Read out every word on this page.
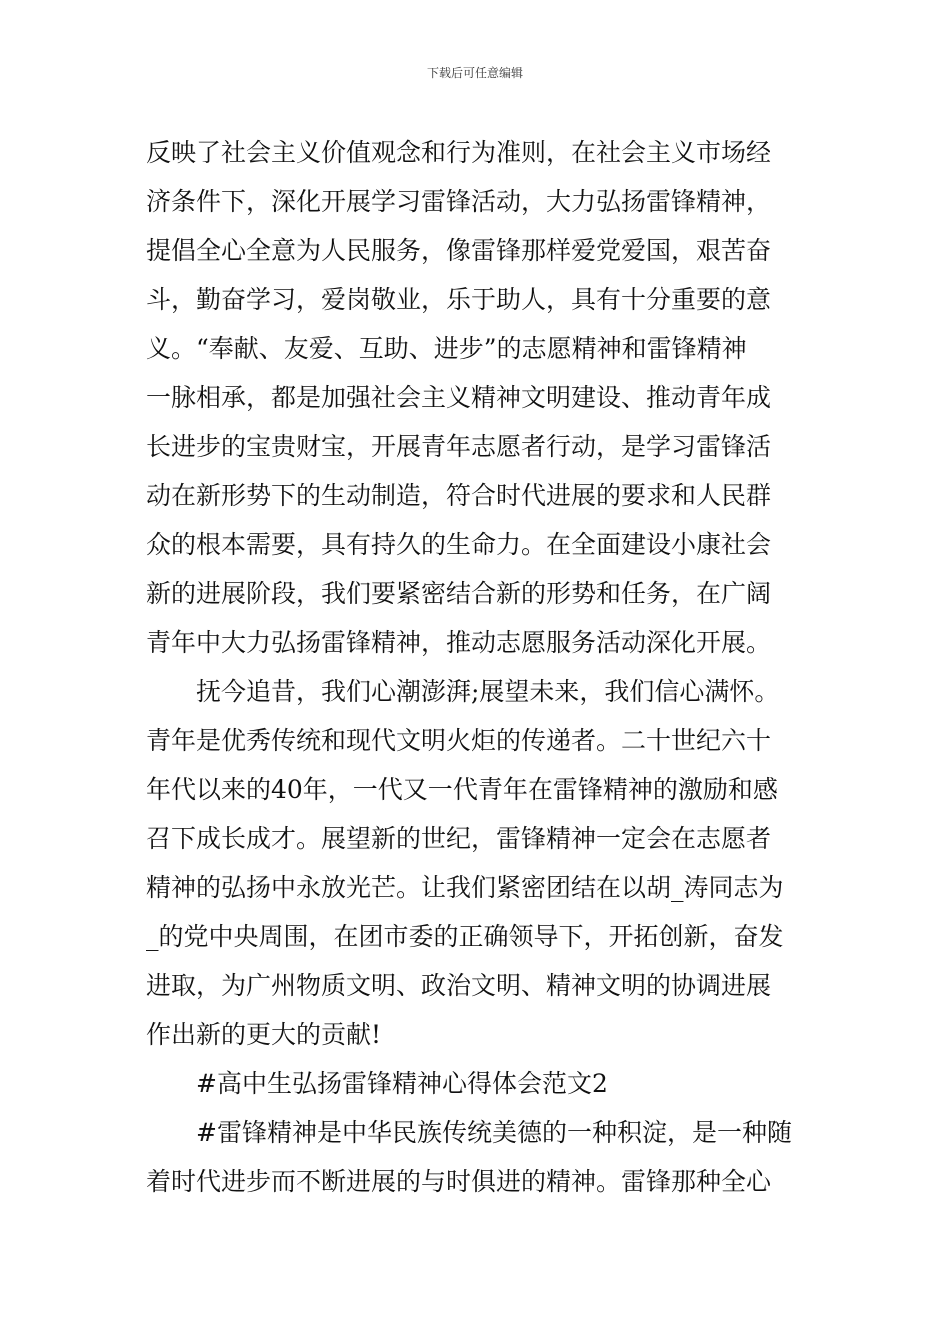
下载后可任意编辑
反映了社会主义价值观念和行为准则，在社会主义市场经
济条件下，深化开展学习雷锋活动，大力弘扬雷锋精神，
提倡全心全意为人民服务，像雷锋那样爱党爱国，艰苦奋
斗，勤奋学习，爱岗敬业，乐于助人，具有十分重要的意
义。“奉献、友爱、互助、进步”的志愿精神和雷锋精神
一脉相承，都是加强社会主义精神文明建设、推动青年成
长进步的宝贵财宝，开展青年志愿者行动，是学习雷锋活
动在新形势下的生动制造，符合时代进展的要求和人民群
众的根本需要，具有持久的生命力。在全面建设小康社会
新的进展阶段，我们要紧密结合新的形势和任务，在广阔
青年中大力弘扬雷锋精神，推动志愿服务活动深化开展。
抚今追昔，我们心潮澎湃;展望未来，我们信心满怀。
青年是优秀传统和现代文明火炬的传递者。二十世纪六十
年代以来的40年，一代又一代青年在雷锋精神的激励和感
召下成长成才。展望新的世纪，雷锋精神一定会在志愿者
精神的弘扬中永放光芒。让我们紧密团结在以胡_涛同志为
_的党中央周围，在团市委的正确领导下，开拓创新，奋发
进取，为广州物质文明、政治文明、精神文明的协调进展
作出新的更大的贡献!
#高中生弘扬雷锋精神心得体会范文2
#雷锋精神是中华民族传统美德的一种积淀，是一种随
着时代进步而不断进展的与时俱进的精神。雷锋那种全心
